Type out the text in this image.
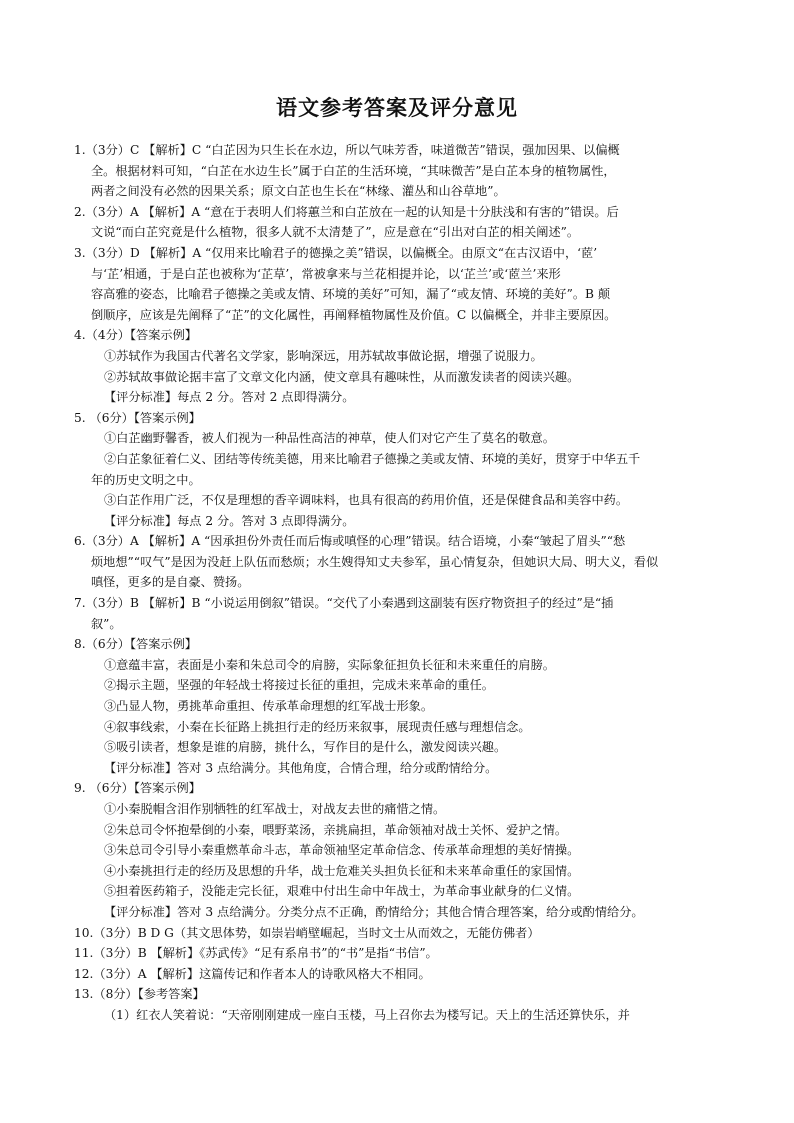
语文参考答案及评分意见
1.（3分）C 【解析】C “白芷因为只生长在水边，所以气味芳香，味道微苦”错误，强加因果、以偏概
全。根据材料可知，“白芷在水边生长”属于白芷的生活环境，“其味微苦”是白芷本身的植物属性，
两者之间没有必然的因果关系；原文白芷也生长在“林缘、灌丛和山谷草地”。
2.（3分）A 【解析】A “意在于表明人们将蕙兰和白芷放在一起的认知是十分肤浅和有害的”错误。后
文说“而白芷究竟是什么植物，很多人就不太清楚了”，应是意在“引出对白芷的相关阐述”。
3.（3分）D 【解析】A “仅用来比喻君子的德操之美”错误，以偏概全。由原文“在古汉语中，‘茝’
与‘芷’相通，于是白芷也被称为‘芷草’，常被拿来与兰花相提并论，以‘芷兰’或‘茝兰’来形
容高雅的姿态，比喻君子德操之美或友情、环境的美好”可知，漏了“或友情、环境的美好”。B 颠
倒顺序，应该是先阐释了“芷”的文化属性，再阐释植物属性及价值。C 以偏概全，并非主要原因。
4.（4分）【答案示例】
①苏轼作为我国古代著名文学家，影响深远，用苏轼故事做论据，增强了说服力。
②苏轼故事做论据丰富了文章文化内涵，使文章具有趣味性，从而激发读者的阅读兴趣。
【评分标准】每点 2 分。答对 2 点即得满分。
5. （6分）【答案示例】
①白芷幽野馨香，被人们视为一种品性高洁的神草，使人们对它产生了莫名的敬意。
②白芷象征着仁义、团结等传统美德，用来比喻君子德操之美或友情、环境的美好，贯穿于中华五千
年的历史文明之中。
③白芷作用广泛，不仅是理想的香辛调味料，也具有很高的药用价值，还是保健食品和美容中药。
【评分标准】每点 2 分。答对 3 点即得满分。
6.（3分）A 【解析】A “因承担份外责任而后悔或嗔怪的心理”错误。结合语境，小秦“皱起了眉头”“愁
烦地想”“叹气”是因为没赶上队伍而愁烦；水生嫂得知丈夫参军，虽心情复杂，但她识大局、明大义，看似
嗔怪，更多的是自豪、赞扬。
7.（3分）B 【解析】B “小说运用倒叙”错误。“交代了小秦遇到这副装有医疗物资担子的经过”是“插
叙”。
8.（6分）【答案示例】
①意蕴丰富，表面是小秦和朱总司令的肩膀，实际象征担负长征和未来重任的肩膀。
②揭示主题，坚强的年轻战士将接过长征的重担，完成未来革命的重任。
③凸显人物，勇挑革命重担、传承革命理想的红军战士形象。
④叙事线索，小秦在长征路上挑担行走的经历来叙事，展现责任感与理想信念。
⑤吸引读者，想象是谁的肩膀，挑什么，写作目的是什么，激发阅读兴趣。
【评分标准】答对 3 点给满分。其他角度，合情合理，给分或酌情给分。
9. （6分）【答案示例】
①小秦脱帽含泪作别牺牲的红军战士，对战友去世的痛惜之情。
②朱总司令怀抱晕倒的小秦，喂野菜汤，亲挑扁担，革命领袖对战士关怀、爱护之情。
③朱总司令引导小秦重燃革命斗志，革命领袖坚定革命信念、传承革命理想的美好情操。
④小秦挑担行走的经历及思想的升华，战士危难关头担负长征和未来革命重任的家国情。
⑤担着医药箱子，没能走完长征，艰难中付出生命中年战士，为革命事业献身的仁义情。
【评分标准】答对 3 点给满分。分类分点不正确，酌情给分；其他合情合理答案，给分或酌情给分。
10.（3分）B D G（其文思体势，如崇岩峭壁崛起，当时文士从而效之，无能仿佛者）
11.（3分）B 【解析】《苏武传》“足有系帛书”的“书”是指“书信”。
12.（3分）A 【解析】这篇传记和作者本人的诗歌风格大不相同。
13.（8分）【参考答案】
（1）红衣人笑着说：“天帝刚刚建成一座白玉楼，马上召你去为楼写记。天上的生活还算快乐，并
